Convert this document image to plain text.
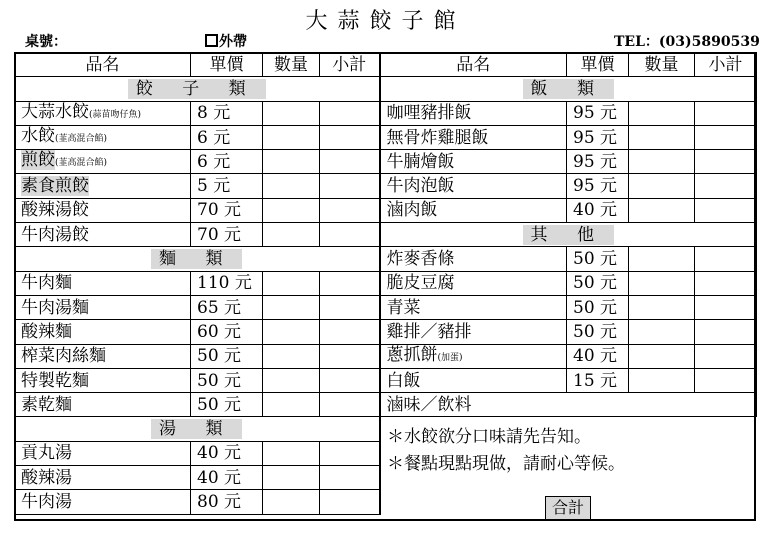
大蒜餃子館
桌號：	外帶	TEL：(03)5890539
品名	單價	數量	小計	品名	單價	數量	小計
餃 子 類				飯 類			
大蒜水餃(蒜苗吻仔魚)	8 元			咖哩豬排飯	95 元		
水餃(韮高混合餡)	6 元			無骨炸雞腿飯	95 元		
煎餃(韮高混合餡)	6 元			牛腩燴飯	95 元		
素食煎餃	5 元			牛肉泡飯	95 元		
酸辣湯餃	70 元			滷肉飯	40 元		
牛肉湯餃	70 元			其 他			
麵 類				炸麥香條	50 元		
牛肉麵	110 元			脆皮豆腐	50 元		
牛肉湯麵	65 元			青菜	50 元		
酸辣麵	60 元			雞排／豬排	50 元		
榨菜肉絲麵	50 元			蔥抓餅(加蛋)	40 元		
特製乾麵	50 元			白飯	15 元		
素乾麵	50 元			滷味／飲料			
湯 類							
貢丸湯	40 元						
酸辣湯	40 元						
牛肉湯	80 元						
＊水餃欲分口味請先告知。
＊餐點現點現做，請耐心等候。
合計
